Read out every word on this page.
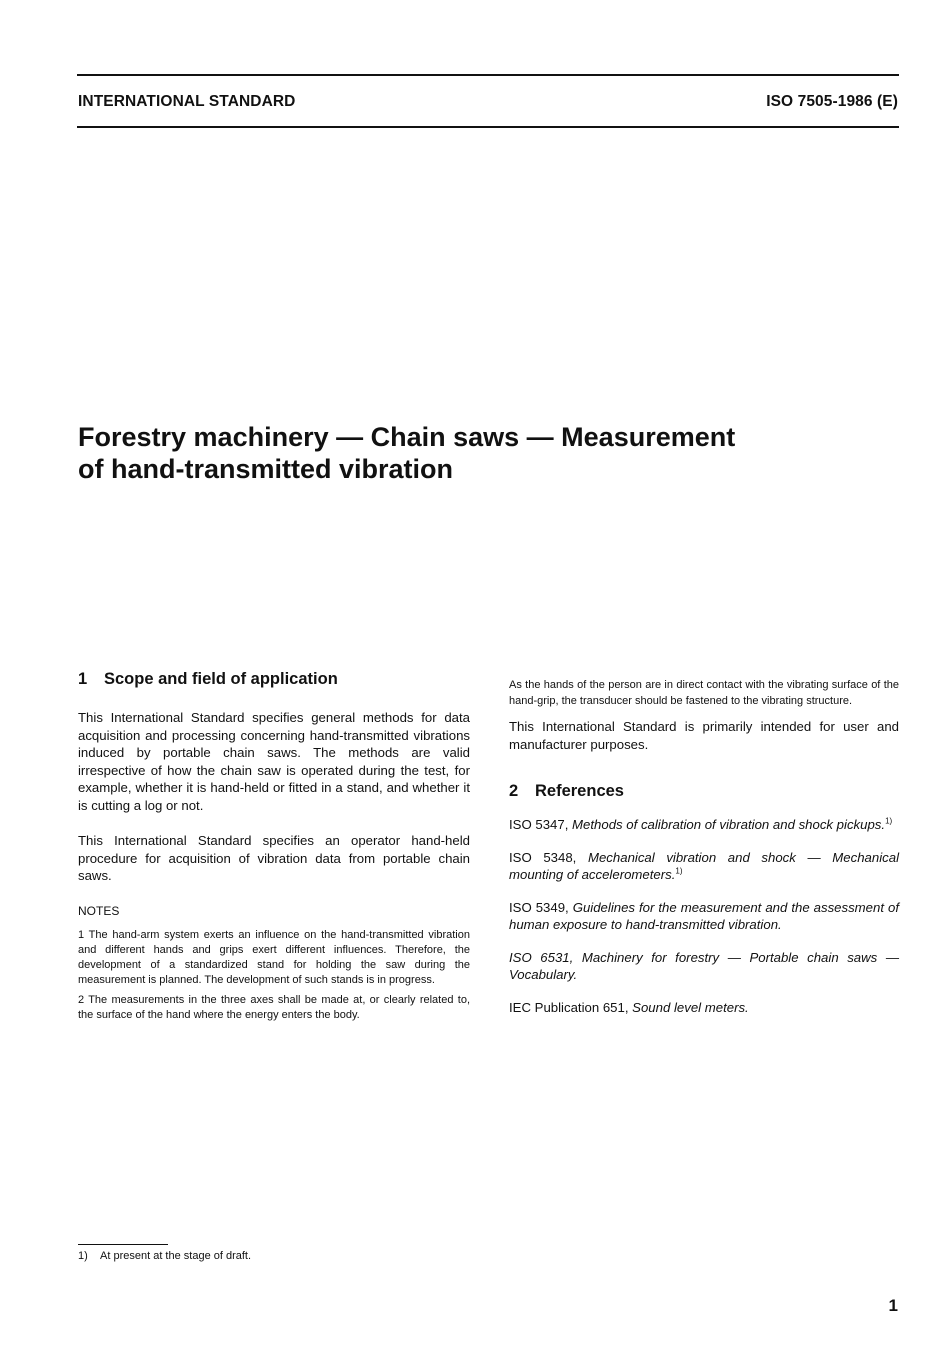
INTERNATIONAL STANDARD	ISO 7505-1986 (E)
Forestry machinery — Chain saws — Measurement
of hand-transmitted vibration
1 Scope and field of application

This International Standard specifies general methods for data acquisition and processing concerning hand-transmitted vibrations induced by portable chain saws. The methods are valid irrespective of how the chain saw is operated during the test, for example, whether it is hand-held or fitted in a stand, and whether it is cutting a log or not.

This International Standard specifies an operator hand-held procedure for acquisition of vibration data from portable chain saws.

NOTES

1 The hand-arm system exerts an influence on the hand-transmitted vibration and different hands and grips exert different influences. Therefore, the development of a standardized stand for holding the saw during the measurement is planned. The development of such stands is in progress.

2 The measurements in the three axes shall be made at, or clearly related to, the surface of the hand where the energy enters the body.

As the hands of the person are in direct contact with the vibrating surface of the hand-grip, the transducer should be fastened to the vibrating structure.

This International Standard is primarily intended for user and manufacturer purposes.

2 References

ISO 5347, Methods of calibration of vibration and shock pickups.$^{1)}$

ISO 5348, Mechanical vibration and shock — Mechanical mounting of accelerometers.$^{1)}$

ISO 5349, Guidelines for the measurement and the assessment of human exposure to hand-transmitted vibration.

ISO 6531, Machinery for forestry — Portable chain saws — Vocabulary.

IEC Publication 651, Sound level meters.

1) At present at the stage of draft.
1
